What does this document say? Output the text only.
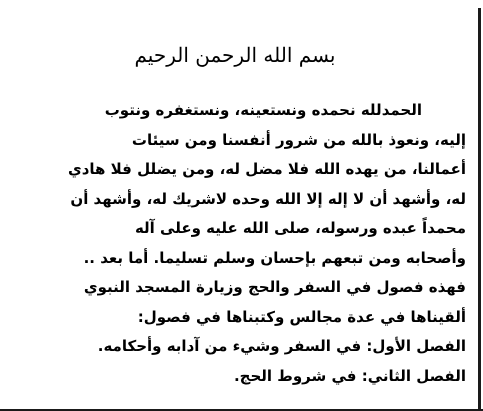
بسم الله الرحمن الرحيم
الحمدلله نحمده ونستعينه، ونستغفره ونتوب
إليه، ونعوذ بالله من شرور أنفسنا ومن سيئات
أعمالنا، من يهده الله فلا مضل له، ومن يضلل فلا هادي
له، وأشهد أن لا إله إلا الله وحده لاشريك له، وأشهد أن
محمداً عبده ورسوله، صلى الله عليه وعلى آله
وأصحابه ومن تبعهم بإحسان وسلم تسليما. أما بعد ..
فهذه فصول في السفر والحج وزيارة المسجد النبوي
ألقيناها في عدة مجالس وكتبناها في فصول:
الفصل الأول: في السفر وشيء من آدابه وأحكامه.
الفصل الثاني: في شروط الحج.
